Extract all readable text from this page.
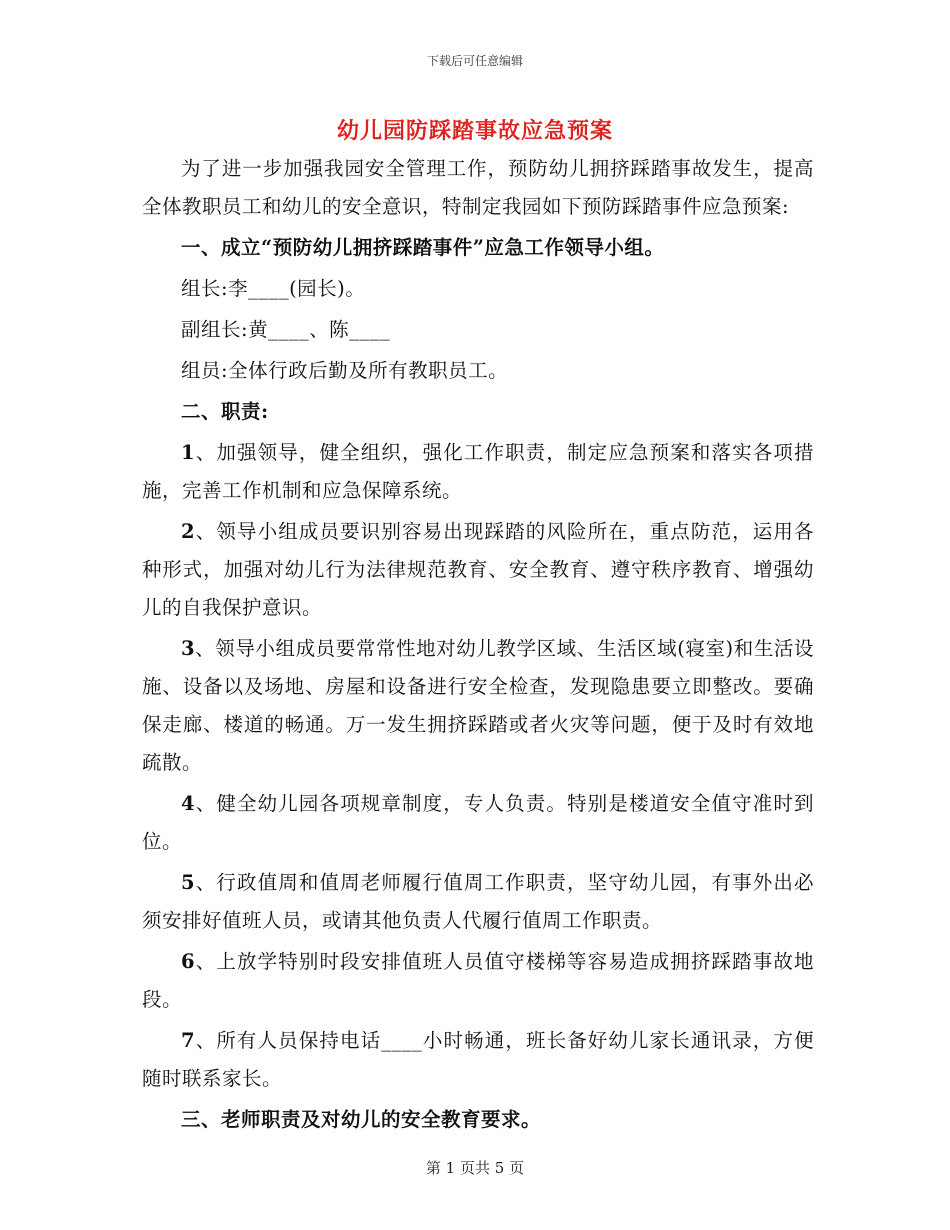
下载后可任意编辑
幼儿园防踩踏事故应急预案

为了进一步加强我园安全管理工作，预防幼儿拥挤踩踏事故发生，提高全体教职员工和幼儿的安全意识，特制定我园如下预防踩踏事件应急预案:

一、成立“预防幼儿拥挤踩踏事件”应急工作领导小组。

组长:李____(园长)。

副组长:黄____、陈____

组员:全体行政后勤及所有教职员工。

二、职责:

1、加强领导，健全组织，强化工作职责，制定应急预案和落实各项措施，完善工作机制和应急保障系统。

2、领导小组成员要识别容易出现踩踏的风险所在，重点防范，运用各种形式，加强对幼儿行为法律规范教育、安全教育、遵守秩序教育、增强幼儿的自我保护意识。

3、领导小组成员要常常性地对幼儿教学区域、生活区域(寝室)和生活设施、设备以及场地、房屋和设备进行安全检查，发现隐患要立即整改。要确保走廊、楼道的畅通。万一发生拥挤踩踏或者火灾等问题，便于及时有效地疏散。

4、健全幼儿园各项规章制度，专人负责。特别是楼道安全值守准时到位。

5、行政值周和值周老师履行值周工作职责，坚守幼儿园，有事外出必须安排好值班人员，或请其他负责人代履行值周工作职责。

6、上放学特别时段安排值班人员值守楼梯等容易造成拥挤踩踏事故地段。

7、所有人员保持电话____小时畅通，班长备好幼儿家长通讯录，方便随时联系家长。

三、老师职责及对幼儿的安全教育要求。

第 1 页共 5 页
